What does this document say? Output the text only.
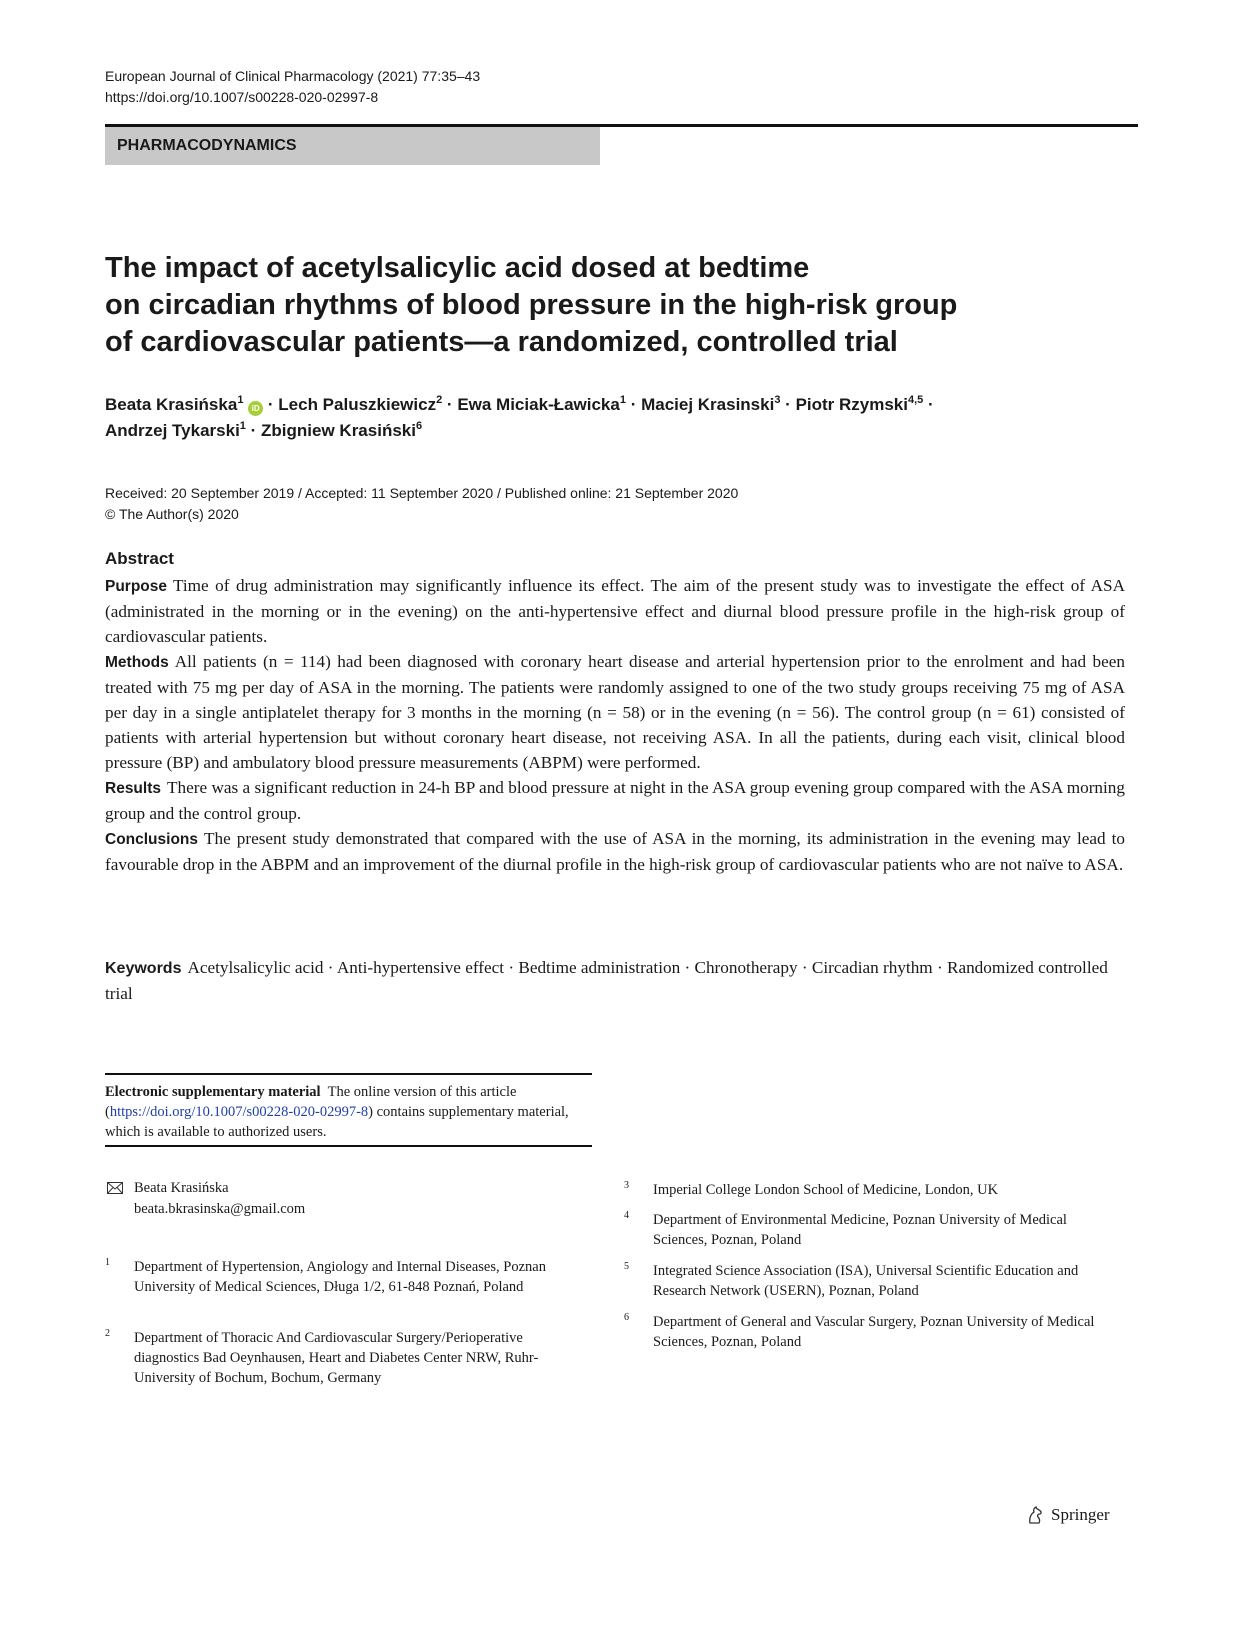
European Journal of Clinical Pharmacology (2021) 77:35–43
https://doi.org/10.1007/s00228-020-02997-8
PHARMACODYNAMICS
The impact of acetylsalicylic acid dosed at bedtime
on circadian rhythms of blood pressure in the high-risk group
of cardiovascular patients—a randomized, controlled trial
Beata Krasińska$^1$ iD · Lech Paluszkiewicz$^2$ · Ewa Miciak-Ławicka$^1$ · Maciej Krasinski$^3$ · Piotr Rzymski$^{4,5}$ ·
Andrzej Tykarski$^1$ · Zbigniew Krasiński$^6$
Received: 20 September 2019 / Accepted: 11 September 2020 / Published online: 21 September 2020
© The Author(s) 2020
Abstract

Purpose Time of drug administration may significantly influence its effect. The aim of the present study was to investigate the effect of ASA (administrated in the morning or in the evening) on the anti-hypertensive effect and diurnal blood pressure profile in the high-risk group of cardiovascular patients.

Methods All patients (n = 114) had been diagnosed with coronary heart disease and arterial hypertension prior to the enrolment and had been treated with 75 mg per day of ASA in the morning. The patients were randomly assigned to one of the two study groups receiving 75 mg of ASA per day in a single antiplatelet therapy for 3 months in the morning (n = 58) or in the evening (n = 56). The control group (n = 61) consisted of patients with arterial hypertension but without coronary heart disease, not receiving ASA. In all the patients, during each visit, clinical blood pressure (BP) and ambulatory blood pressure measurements (ABPM) were performed.

Results There was a significant reduction in 24-h BP and blood pressure at night in the ASA group evening group compared with the ASA morning group and the control group.

Conclusions The present study demonstrated that compared with the use of ASA in the morning, its administration in the evening may lead to favourable drop in the ABPM and an improvement of the diurnal profile in the high-risk group of cardiovascular patients who are not naïve to ASA.

Keywords Acetylsalicylic acid · Anti-hypertensive effect · Bedtime administration · Chronotherapy · Circadian rhythm · Randomized controlled trial
Electronic supplementary material The online version of this article (https://doi.org/10.1007/s00228-020-02997-8) contains supplementary material, which is available to authorized users.
Beata Krasińska
beata.bkrasinska@gmail.com
1 Department of Hypertension, Angiology and Internal Diseases, Poznan University of Medical Sciences, Długa 1/2, 61-848 Poznań, Poland
2 Department of Thoracic And Cardiovascular Surgery/Perioperative diagnostics Bad Oeynhausen, Heart and Diabetes Center NRW, Ruhr-University of Bochum, Bochum, Germany
3 Imperial College London School of Medicine, London, UK
4 Department of Environmental Medicine, Poznan University of Medical Sciences, Poznan, Poland
5 Integrated Science Association (ISA), Universal Scientific Education and Research Network (USERN), Poznan, Poland
6 Department of General and Vascular Surgery, Poznan University of Medical Sciences, Poznan, Poland
Springer
